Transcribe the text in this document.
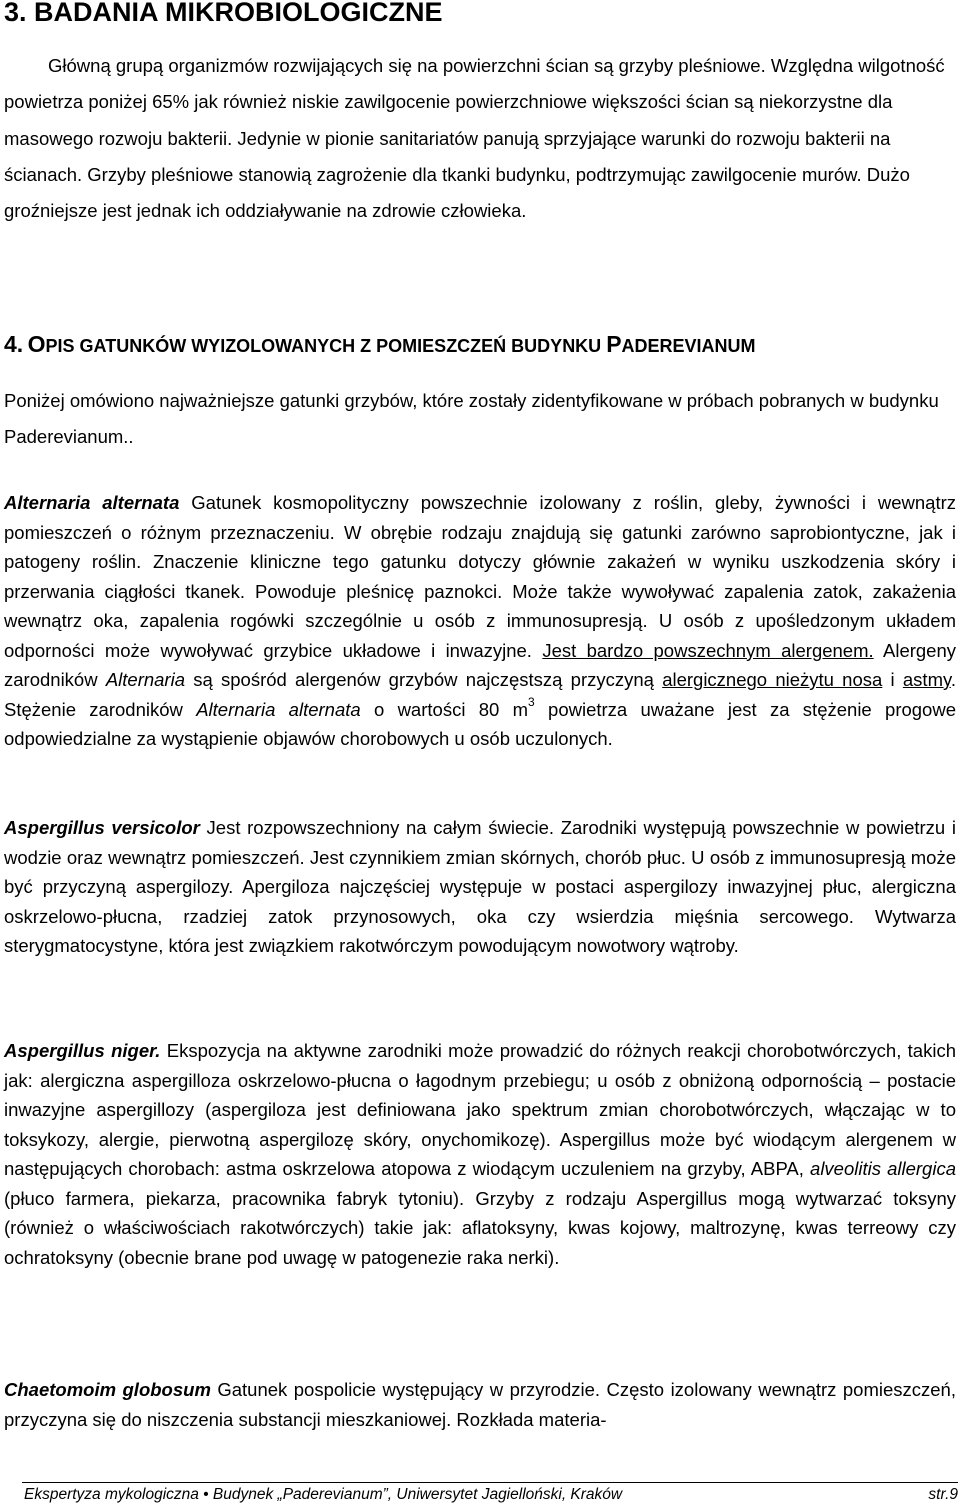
3. BADANIA MIKROBIOLOGICZNE

Główną grupą organizmów rozwijających się na powierzchni ścian są grzyby pleśniowe. Względna wilgotność powietrza poniżej 65% jak również niskie zawilgocenie powierzchniowe większości ścian są niekorzystne dla masowego rozwoju bakterii. Jedynie w pionie sanitariatów panują sprzyjające warunki do rozwoju bakterii na ścianach. Grzyby pleśniowe stanowią zagrożenie dla tkanki budynku, podtrzymując zawilgocenie murów. Dużo groźniejsze jest jednak ich oddziaływanie na zdrowie człowieka.

4. OPIS GATUNKÓW WYIZOLOWANYCH Z POMIESZCZEŃ BUDYNKU PADEREVIANUM

Poniżej omówiono najważniejsze gatunki grzybów, które zostały zidentyfikowane w próbach pobranych w budynku Paderevianum..

Alternaria alternata Gatunek kosmopolityczny powszechnie izolowany z roślin, gleby, żywności i wewnątrz pomieszczeń o różnym przeznaczeniu. W obrębie rodzaju znajdują się gatunki zarówno saprobiontyczne, jak i patogeny roślin. Znaczenie kliniczne tego gatunku dotyczy głównie zakażeń w wyniku uszkodzenia skóry i przerwania ciągłości tkanek. Powoduje pleśnicę paznokci. Może także wywoływać zapalenia zatok, zakażenia wewnątrz oka, zapalenia rogówki szczególnie u osób z immunosupresją. U osób z upośledzonym układem odporności może wywoływać grzybice układowe i inwazyjne. Jest bardzo powszechnym alergenem. Alergeny zarodników Alternaria są spośród alergenów grzybów najczęstszą przyczyną alergicznego nieżytu nosa i astmy. Stężenie zarodników Alternaria alternata o wartości 80 $m^3$ powietrza uważane jest za stężenie progowe odpowiedzialne za wystąpienie objawów chorobowych u osób uczulonych.

Aspergillus versicolor Jest rozpowszechniony na całym świecie. Zarodniki występują powszechnie w powietrzu i wodzie oraz wewnątrz pomieszczeń. Jest czynnikiem zmian skórnych, chorób płuc. U osób z immunosupresją może być przyczyną aspergilozy. Apergiloza najczęściej występuje w postaci aspergilozy inwazyjnej płuc, alergiczna oskrzelowo-płucna, rzadziej zatok przynosowych, oka czy wsierdzia mięśnia sercowego. Wytwarza sterygmatocystyne, która jest związkiem rakotwórczym powodującym nowotwory wątroby.

Aspergillus niger. Ekspozycja na aktywne zarodniki może prowadzić do różnych reakcji chorobotwórczych, takich jak: alergiczna aspergilloza oskrzelowo-płucna o łagodnym przebiegu; u osób z obniżoną odpornością – postacie inwazyjne aspergillozy (aspergiloza jest definiowana jako spektrum zmian chorobotwórczych, włączając w to toksykozy, alergie, pierwotną aspergilozę skóry, onychomikozę). Aspergillus może być wiodącym alergenem w następujących chorobach: astma oskrzelowa atopowa z wiodącym uczuleniem na grzyby, ABPA, alveolitis allergica (płuco farmera, piekarza, pracownika fabryk tytoniu). Grzyby z rodzaju Aspergillus mogą wytwarzać toksyny (również o właściwościach rakotwórczych) takie jak: aflatoksyny, kwas kojowy, maltrozynę, kwas terreowy czy ochratoksyny (obecnie brane pod uwagę w patogenezie raka nerki).

Chaetomoim globosum Gatunek pospolicie występujący w przyrodzie. Często izolowany wewnątrz pomieszczeń, przyczyna się do niszczenia substancji mieszkaniowej. Rozkłada materia-

Ekspertyza mykologiczna • Budynek „Paderevianum”, Uniwersytet Jagielloński, Kraków	str.9
